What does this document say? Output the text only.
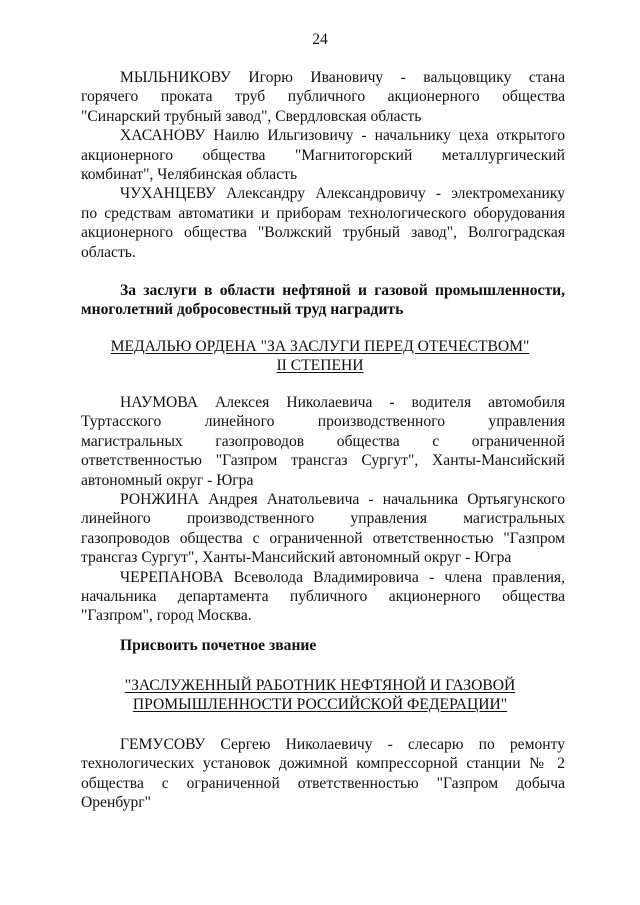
24

МЫЛЬНИКОВУ Игорю Ивановичу - вальцовщику стана
горячего проката труб публичного акционерного общества
"Синарский трубный завод", Свердловская область

ХАСАНОВУ Наилю Ильгизовичу - начальнику цеха открытого
акционерного общества "Магнитогорский металлургический
комбинат", Челябинская область

ЧУХАНЦЕВУ Александру Александровичу - электромеханику
по средствам автоматики и приборам технологического оборудования
акционерного общества "Волжский трубный завод", Волгоградская
область.

За заслуги в области нефтяной и газовой промышленности,
многолетний добросовестный труд наградить

МЕДАЛЬЮ ОРДЕНА "ЗА ЗАСЛУГИ ПЕРЕД ОТЕЧЕСТВОМ"
II СТЕПЕНИ

НАУМОВА Алексея Николаевича - водителя автомобиля
Туртасского линейного производственного управления
магистральных газопроводов общества с ограниченной
ответственностью "Газпром трансгаз Сургут", Ханты-Мансийский
автономный округ - Югра

РОНЖИНА Андрея Анатольевича - начальника Ортьягунского
линейного производственного управления магистральных
газопроводов общества с ограниченной ответственностью "Газпром
трансгаз Сургут", Ханты-Мансийский автономный округ - Югра

ЧЕРЕПАНОВА Всеволода Владимировича - члена правления,
начальника департамента публичного акционерного общества
"Газпром", город Москва.

Присвоить почетное звание

"ЗАСЛУЖЕННЫЙ РАБОТНИК НЕФТЯНОЙ И ГАЗОВОЙ
ПРОМЫШЛЕННОСТИ РОССИЙСКОЙ ФЕДЕРАЦИИ"

ГЕМУСОВУ Сергею Николаевичу - слесарю по ремонту
технологических установок дожимной компрессорной станции № 2
общества с ограниченной ответственностью "Газпром добыча
Оренбург"
